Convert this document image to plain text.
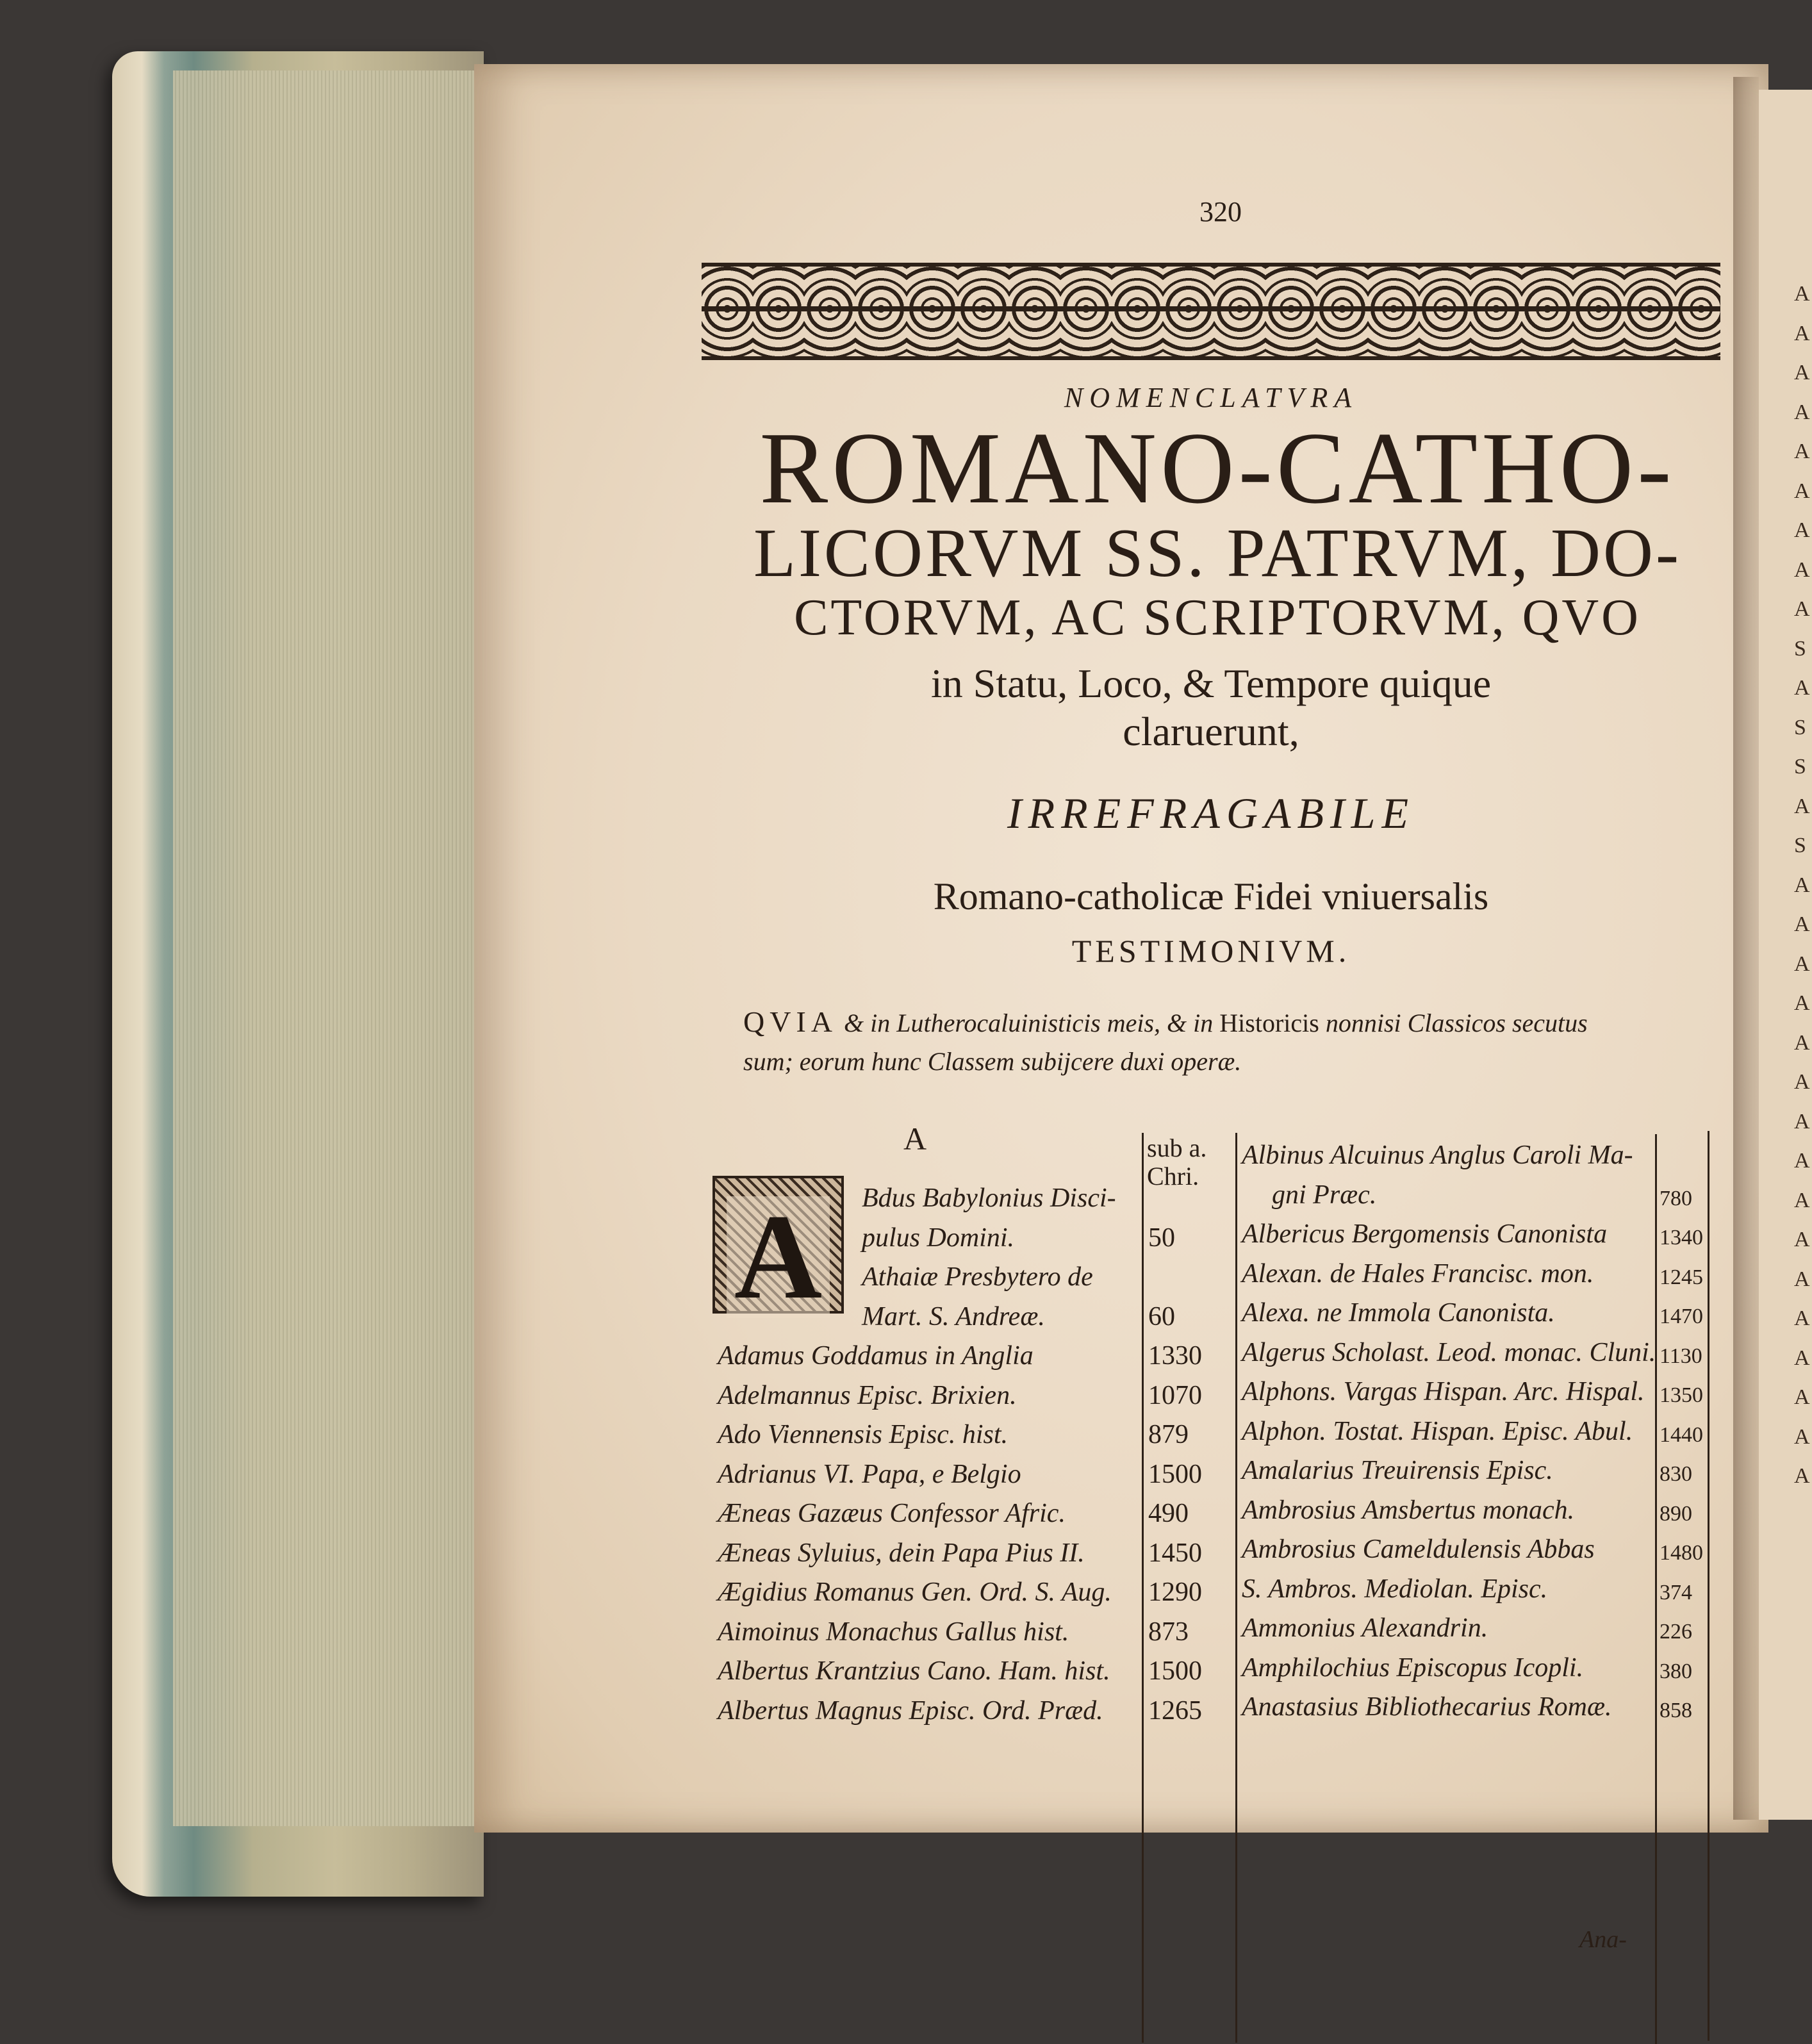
A
A
A
A
A
A
A
A
A
S
A
S
S
A
S
A
A
A
A
A
A
A
A
A
A
A
A
A
A
A
A

320

NOMENCLATVRA

ROMANO-CATHO-
LICORVM SS. PATRVM, DO-
CTORVM, AC SCRIPTORVM, QVO

in Statu, Loco, & Tempore quique

claruerunt,

IRREFRAGABILE

Romano-catholicæ Fidei vniuersalis

TESTIMONIVM.

QVIA & in Lutherocaluinisticis meis, & in Historicis nonnisi Classicos secutus
sum; eorum hunc Classem subijcere duxi operæ.

A	sub a.

Chri.

A Bdus Babylonius Disci-

pulus Domini.	50

Athaiæ Presbytero de

Mart. S. Andreæ.	60

Adamus Goddamus in Anglia	1330

Adelmannus Episc. Brixien.	1070

Ado Viennensis Episc. hist.	879

Adrianus VI. Papa, e Belgio	1500

Æneas Gazæus Confessor Afric.	490

Æneas Syluius, dein Papa Pius II. 1450

Ægidius Romanus Gen. Ord. S. Aug. 1290

Aimoinus Monachus Gallus hist.	873

Albertus Krantzius Cano. Ham. hist. 1500

Albertus Magnus Episc. Ord. Præd. 1265

Albinus Alcuinus Anglus Caroli Ma-

gni Præc.	780

Albericus Bergomensis Canonista 1340

Alexan. de Hales Francisc. mon.	1245

Alexa. ne Immola Canonista.	1470

Algerus Scholast. Leod. monac. Cluni. 1130

Alphons. Vargas Hispan. Arc. Hispal. 1350

Alphon. Tostat. Hispan. Episc. Abul. 1440

Amalarius Treuirensis Episc.	830

Ambrosius Amsbertus monach.	890

Ambrosius Cameldulensis Abbas	1480

S. Ambros. Mediolan. Episc.	374

Ammonius Alexandrin.	226

Amphilochius Episcopus Icopli.	380

Anastasius Bibliothecarius Romæ. 858

Ana-
